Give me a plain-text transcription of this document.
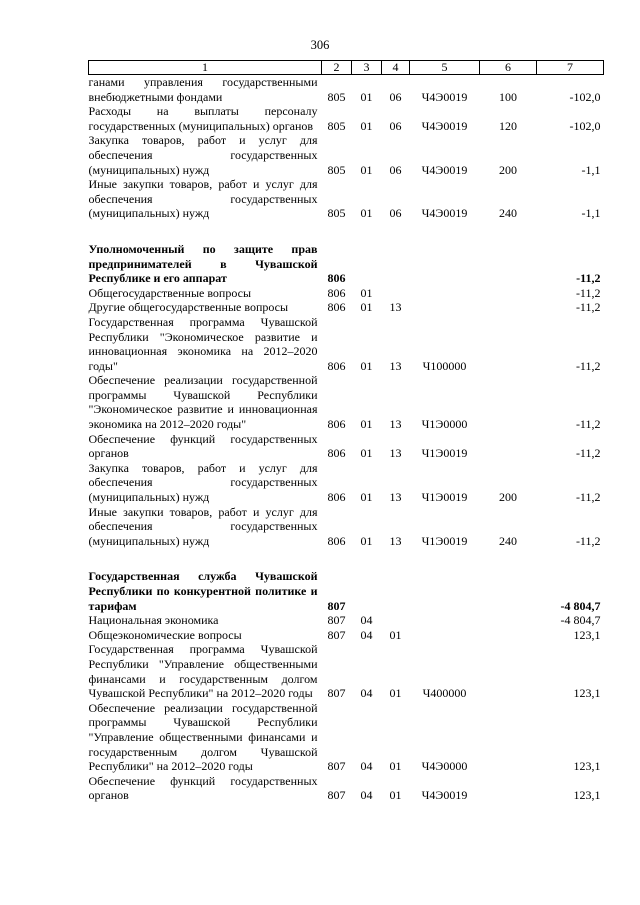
306
1	2	3	4	5	6	7
ганами управления государственными внебюджетными фондами	805	01	06	Ч4Э0019	100	-102,0
Расходы на выплаты персоналу государственных (муниципальных) органов	805	01	06	Ч4Э0019	120	-102,0
Закупка товаров, работ и услуг для обеспечения государственных (муниципальных) нужд	805	01	06	Ч4Э0019	200	-1,1
Иные закупки товаров, работ и услуг для обеспечения государственных (муниципальных) нужд	805	01	06	Ч4Э0019	240	-1,1

Уполномоченный по защите прав предпринимателей в Чувашской Республике и его аппарат	806					-11,2
Общегосударственные вопросы	806	01				-11,2
Другие общегосударственные вопросы	806	01	13			-11,2
Государственная программа Чувашской Республики "Экономическое развитие и инновационная экономика на 2012–2020 годы"	806	01	13	Ч100000		-11,2
Обеспечение реализации государственной программы Чувашской Республики "Экономическое развитие и инновационная экономика на 2012–2020 годы"	806	01	13	Ч1Э0000		-11,2
Обеспечение функций государственных органов	806	01	13	Ч1Э0019		-11,2
Закупка товаров, работ и услуг для обеспечения государственных (муниципальных) нужд	806	01	13	Ч1Э0019	200	-11,2
Иные закупки товаров, работ и услуг для обеспечения государственных (муниципальных) нужд	806	01	13	Ч1Э0019	240	-11,2

Государственная служба Чувашской Республики по конкурентной политике и тарифам	807					-4 804,7
Национальная экономика	807	04				-4 804,7
Общеэкономические вопросы	807	04	01			123,1
Государственная программа Чувашской Республики "Управление общественными финансами и государственным долгом Чувашской Республики" на 2012–2020 годы	807	04	01	Ч400000		123,1
Обеспечение реализации государственной программы Чувашской Республики "Управление общественными финансами и государственным долгом Чувашской Республики" на 2012–2020 годы	807	04	01	Ч4Э0000		123,1
Обеспечение функций государственных органов	807	04	01	Ч4Э0019		123,1
